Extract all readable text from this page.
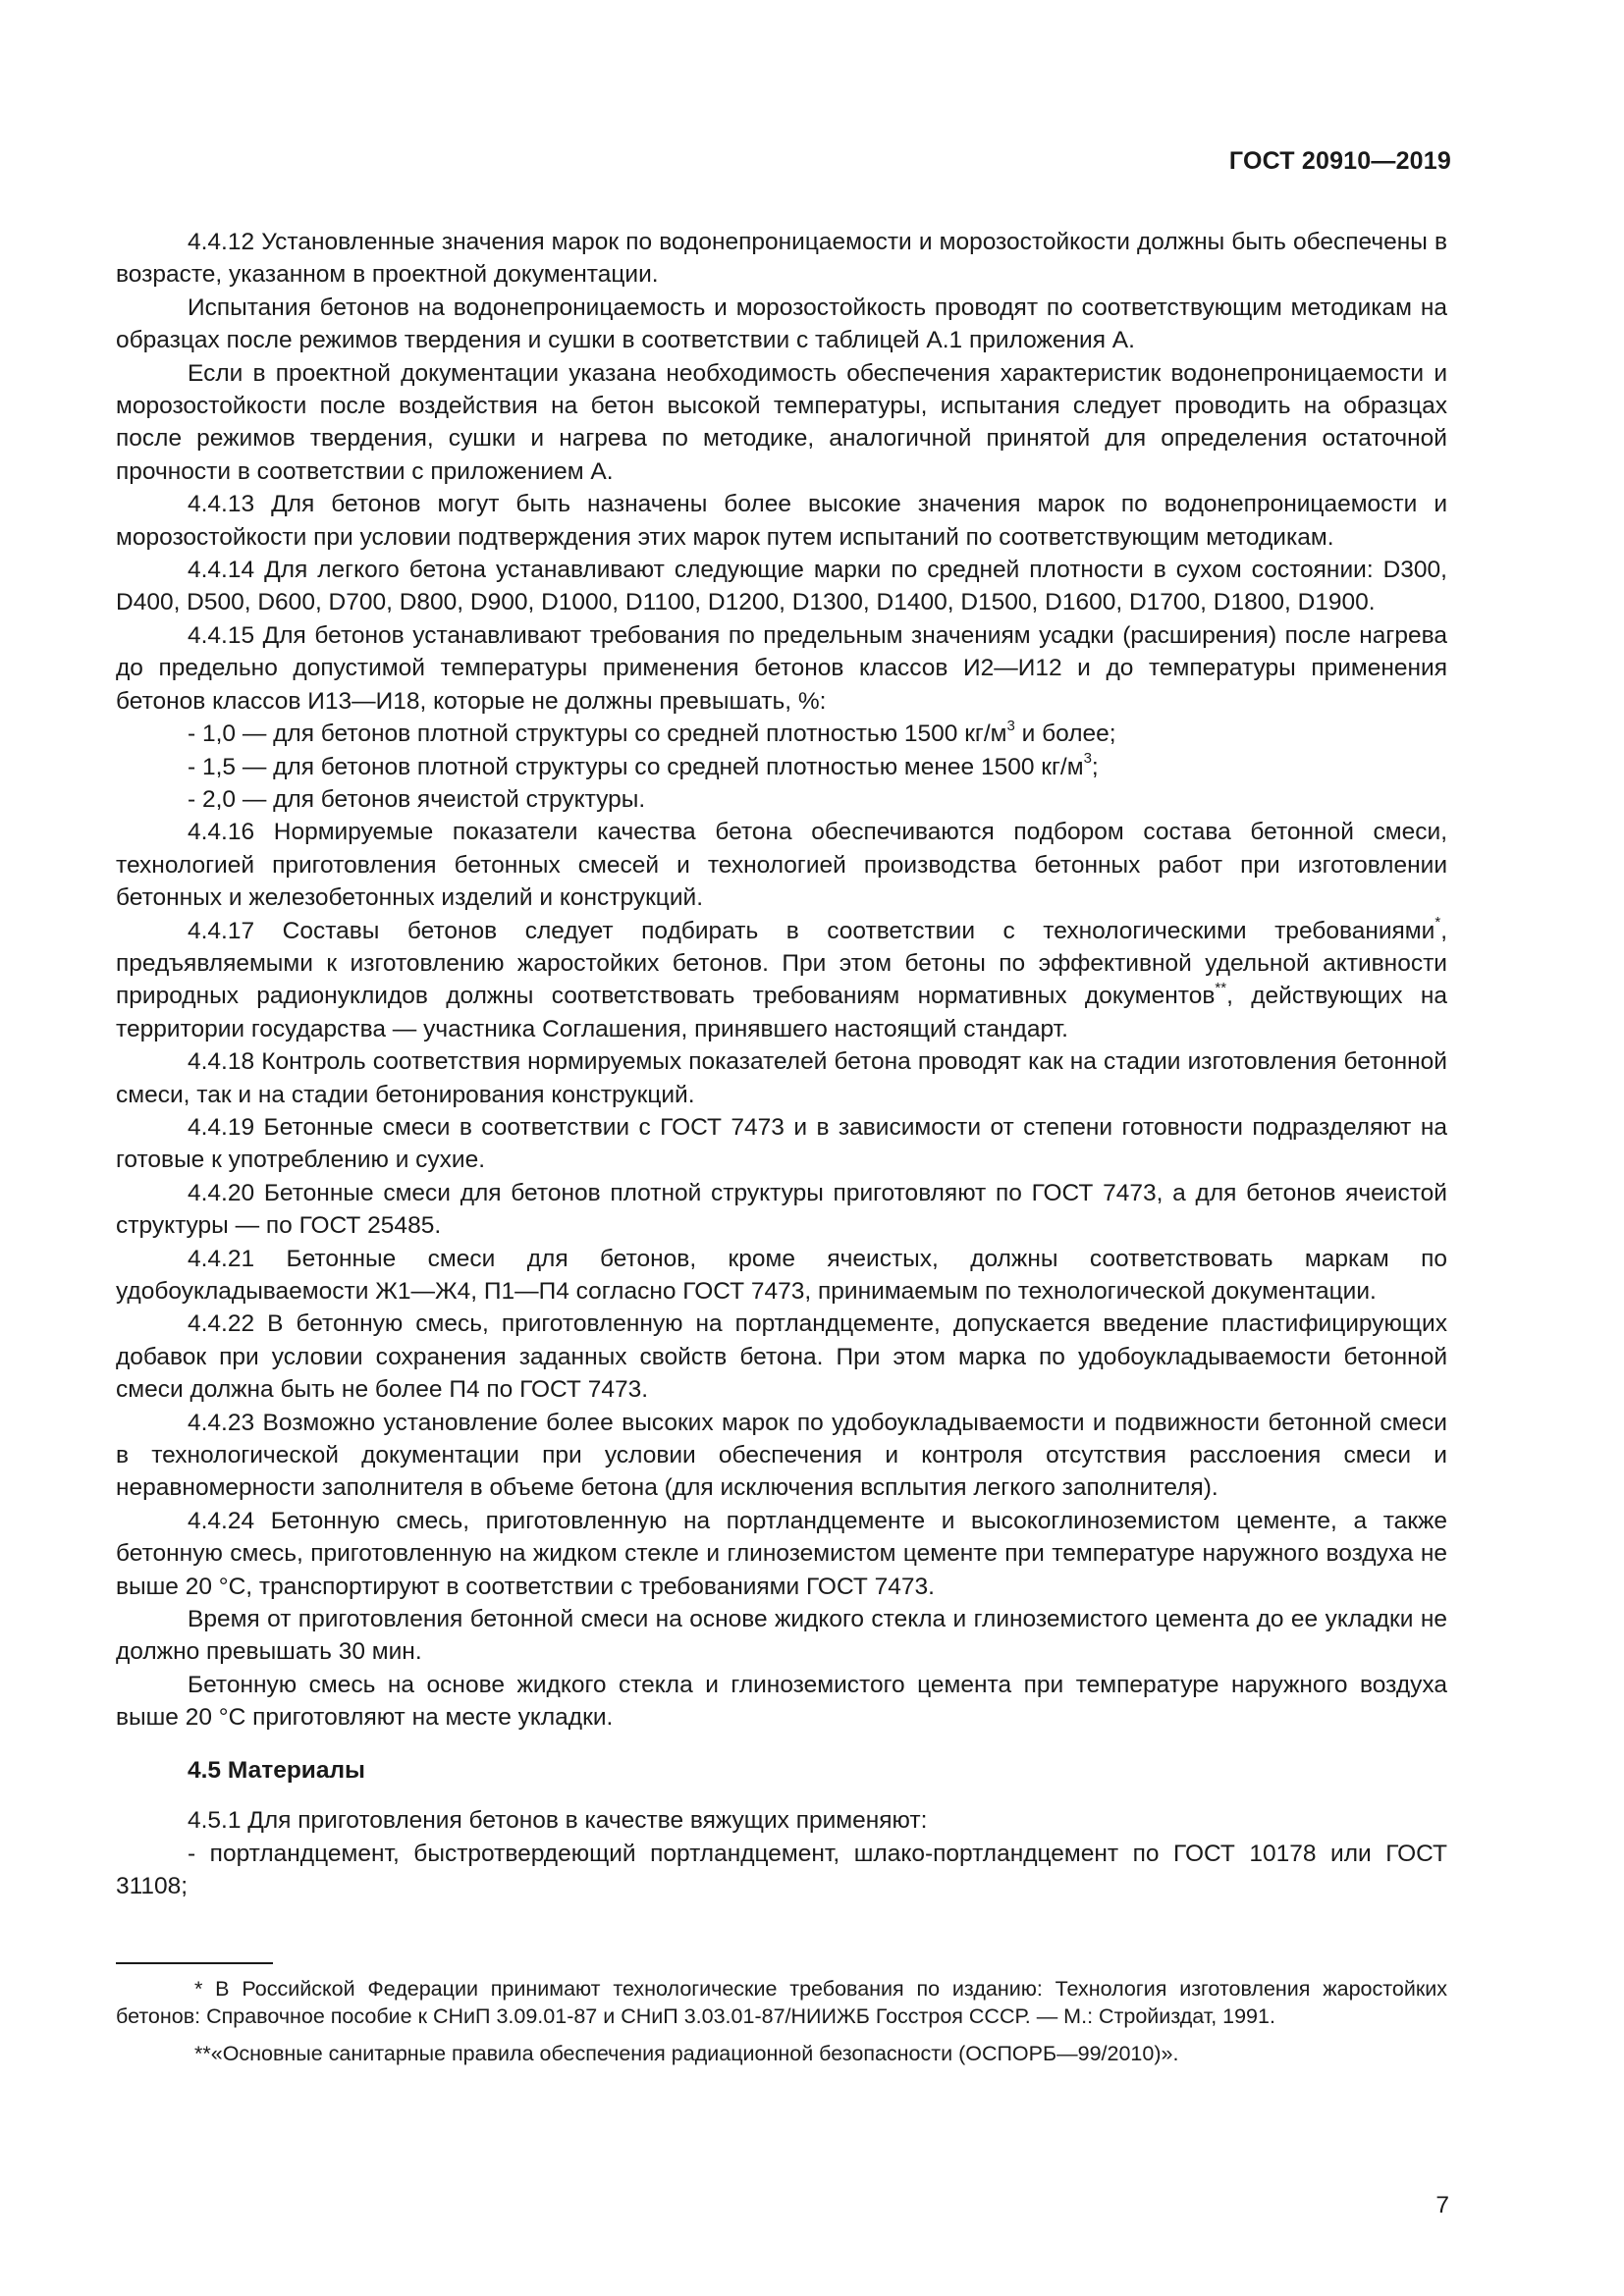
ГОСТ 20910—2019

4.4.12 Установленные значения марок по водонепроницаемости и морозостойкости должны быть обеспечены в возрасте, указанном в проектной документации.

Испытания бетонов на водонепроницаемость и морозостойкость проводят по соответствующим методикам на образцах после режимов твердения и сушки в соответствии с таблицей А.1 приложения А.

Если в проектной документации указана необходимость обеспечения характеристик водонепроницаемости и морозостойкости после воздействия на бетон высокой температуры, испытания следует проводить на образцах после режимов твердения, сушки и нагрева по методике, аналогичной принятой для определения остаточной прочности в соответствии с приложением А.

4.4.13 Для бетонов могут быть назначены более высокие значения марок по водонепроницаемости и морозостойкости при условии подтверждения этих марок путем испытаний по соответствующим методикам.

4.4.14 Для легкого бетона устанавливают следующие марки по средней плотности в сухом состоянии: D300, D400, D500, D600, D700, D800, D900, D1000, D1100, D1200, D1300, D1400, D1500, D1600, D1700, D1800, D1900.

4.4.15 Для бетонов устанавливают требования по предельным значениям усадки (расширения) после нагрева до предельно допустимой температуры применения бетонов классов И2—И12 и до температуры применения бетонов классов И13—И18, которые не должны превышать, %:

- 1,0 — для бетонов плотной структуры со средней плотностью 1500 $кг/м^3$ и более;

- 1,5 — для бетонов плотной структуры со средней плотностью менее 1500 $кг/м^3$;

- 2,0 — для бетонов ячеистой структуры.

4.4.16 Нормируемые показатели качества бетона обеспечиваются подбором состава бетонной смеси, технологией приготовления бетонных смесей и технологией производства бетонных работ при изготовлении бетонных и железобетонных изделий и конструкций.

4.4.17 Составы бетонов следует подбирать в соответствии с технологическими требованиями*, предъявляемыми к изготовлению жаростойких бетонов. При этом бетоны по эффективной удельной активности природных радионуклидов должны соответствовать требованиям нормативных документов**, действующих на территории государства — участника Соглашения, принявшего настоящий стандарт.

4.4.18 Контроль соответствия нормируемых показателей бетона проводят как на стадии изготовления бетонной смеси, так и на стадии бетонирования конструкций.

4.4.19 Бетонные смеси в соответствии с ГОСТ 7473 и в зависимости от степени готовности подразделяют на готовые к употреблению и сухие.

4.4.20 Бетонные смеси для бетонов плотной структуры приготовляют по ГОСТ 7473, а для бетонов ячеистой структуры — по ГОСТ 25485.

4.4.21 Бетонные смеси для бетонов, кроме ячеистых, должны соответствовать маркам по удобоукладываемости Ж1—Ж4, П1—П4 согласно ГОСТ 7473, принимаемым по технологической документации.

4.4.22 В бетонную смесь, приготовленную на портландцементе, допускается введение пластифицирующих добавок при условии сохранения заданных свойств бетона. При этом марка по удобоукладываемости бетонной смеси должна быть не более П4 по ГОСТ 7473.

4.4.23 Возможно установление более высоких марок по удобоукладываемости и подвижности бетонной смеси в технологической документации при условии обеспечения и контроля отсутствия расслоения смеси и неравномерности заполнителя в объеме бетона (для исключения всплытия легкого заполнителя).

4.4.24 Бетонную смесь, приготовленную на портландцементе и высокоглиноземистом цементе, а также бетонную смесь, приготовленную на жидком стекле и глиноземистом цементе при температуре наружного воздуха не выше 20 °C, транспортируют в соответствии с требованиями ГОСТ 7473.

Время от приготовления бетонной смеси на основе жидкого стекла и глиноземистого цемента до ее укладки не должно превышать 30 мин.

Бетонную смесь на основе жидкого стекла и глиноземистого цемента при температуре наружного воздуха выше 20 °С приготовляют на месте укладки.

4.5 Материалы

4.5.1 Для приготовления бетонов в качестве вяжущих применяют:

- портландцемент, быстротвердеющий портландцемент, шлако-портландцемент по ГОСТ 10178 или ГОСТ 31108;

* В Российской Федерации принимают технологические требования по изданию: Технология изготовления жаростойких бетонов: Справочное пособие к СНиП 3.09.01-87 и СНиП 3.03.01-87/НИИЖБ Госстроя СССР. — М.: Стройиздат, 1991.

**«Основные санитарные правила обеспечения радиационной безопасности (ОСПОРБ—99/2010)».

7
